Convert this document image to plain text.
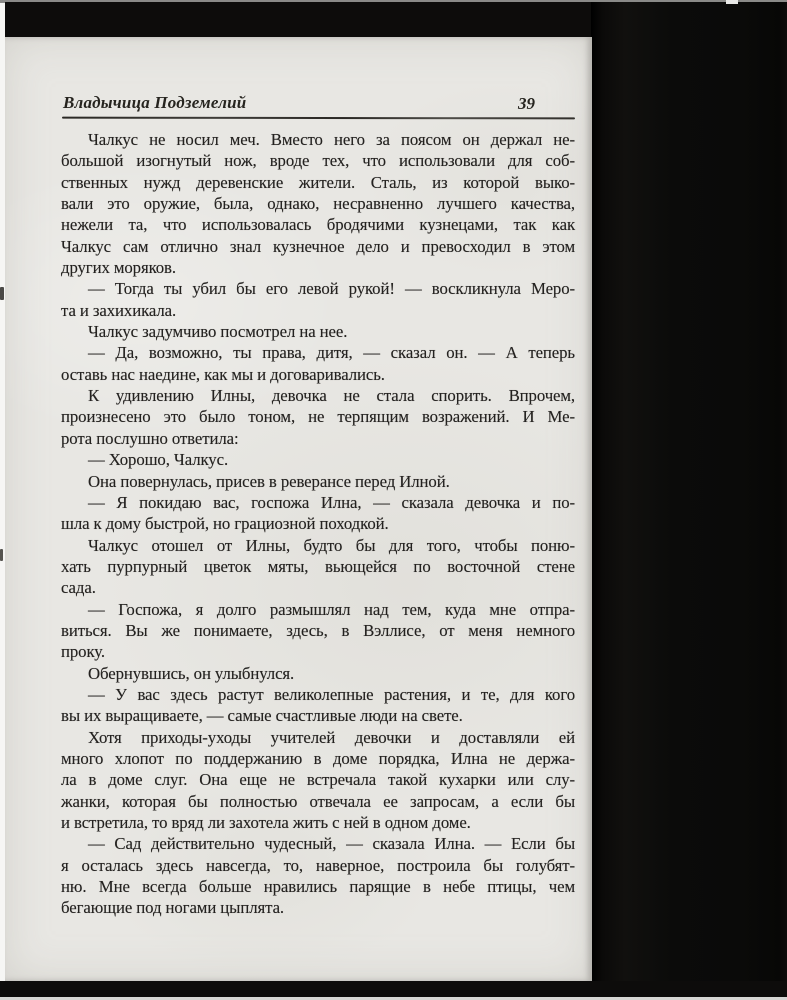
Владычица Подземелий	39
Чалкус не носил меч. Вместо него за поясом он держал не-
большой изогнутый нож, вроде тех, что использовали для соб-
ственных нужд деревенские жители. Сталь, из которой выко-
вали это оружие, была, однако, несравненно лучшего качества,
нежели та, что использовалась бродячими кузнецами, так как
Чалкус сам отлично знал кузнечное дело и превосходил в этом
других моряков.
— Тогда ты убил бы его левой рукой! — воскликнула Меро-
та и захихикала.
Чалкус задумчиво посмотрел на нее.
— Да, возможно, ты права, дитя, — сказал он. — А теперь
оставь нас наедине, как мы и договаривались.
К удивлению Илны, девочка не стала спорить. Впрочем,
произнесено это было тоном, не терпящим возражений. И Ме-
рота послушно ответила:
— Хорошо, Чалкус.
Она повернулась, присев в реверансе перед Илной.
— Я покидаю вас, госпожа Илна, — сказала девочка и по-
шла к дому быстрой, но грациозной походкой.
Чалкус отошел от Илны, будто бы для того, чтобы поню-
хать пурпурный цветок мяты, вьющейся по восточной стене
сада.
— Госпожа, я долго размышлял над тем, куда мне отпра-
виться. Вы же понимаете, здесь, в Вэллисе, от меня немного
проку.
Обернувшись, он улыбнулся.
— У вас здесь растут великолепные растения, и те, для кого
вы их выращиваете, — самые счастливые люди на свете.
Хотя приходы-уходы учителей девочки и доставляли ей
много хлопот по поддержанию в доме порядка, Илна не держа-
ла в доме слуг. Она еще не встречала такой кухарки или слу-
жанки, которая бы полностью отвечала ее запросам, а если бы
и встретила, то вряд ли захотела жить с ней в одном доме.
— Сад действительно чудесный, — сказала Илна. — Если бы
я осталась здесь навсегда, то, наверное, построила бы голубят-
ню. Мне всегда больше нравились парящие в небе птицы, чем
бегающие под ногами цыплята.
